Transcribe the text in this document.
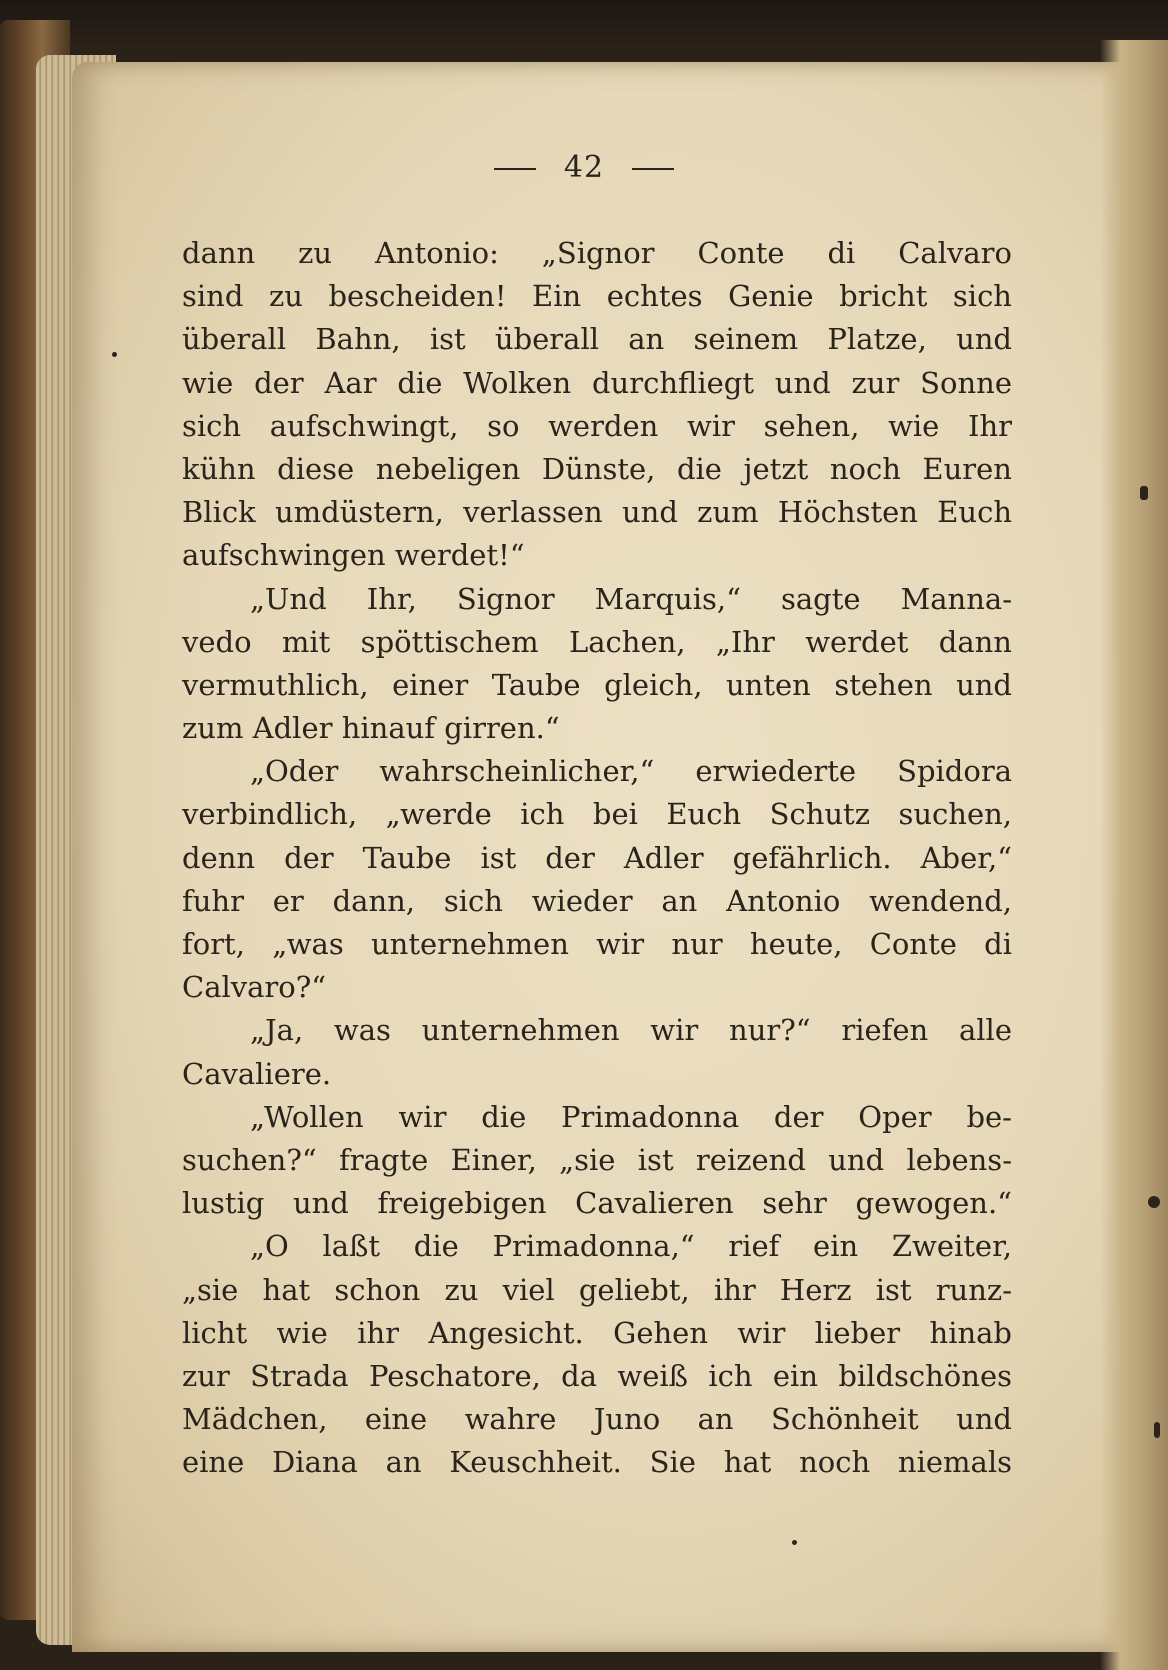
42
dann zu Antonio: „Signor Conte di Calvaro
sind zu bescheiden! Ein echtes Genie bricht sich
überall Bahn, ist überall an seinem Platze, und
wie der Aar die Wolken durchfliegt und zur Sonne
sich aufschwingt, so werden wir sehen, wie Ihr
kühn diese nebeligen Dünste, die jetzt noch Euren
Blick umdüstern, verlassen und zum Höchsten Euch
aufschwingen werdet!“
„Und Ihr, Signor Marquis,“ sagte Manna-
vedo mit spöttischem Lachen, „Ihr werdet dann
vermuthlich, einer Taube gleich, unten stehen und
zum Adler hinauf girren.“
„Oder wahrscheinlicher,“ erwiederte Spidora
verbindlich, „werde ich bei Euch Schutz suchen,
denn der Taube ist der Adler gefährlich. Aber,“
fuhr er dann, sich wieder an Antonio wendend,
fort, „was unternehmen wir nur heute, Conte di
Calvaro?“
„Ja, was unternehmen wir nur?“ riefen alle
Cavaliere.
„Wollen wir die Primadonna der Oper be-
suchen?“ fragte Einer, „sie ist reizend und lebens-
lustig und freigebigen Cavalieren sehr gewogen.“
„O laßt die Primadonna,“ rief ein Zweiter,
„sie hat schon zu viel geliebt, ihr Herz ist runz-
licht wie ihr Angesicht. Gehen wir lieber hinab
zur Strada Peschatore, da weiß ich ein bildschönes
Mädchen, eine wahre Juno an Schönheit und
eine Diana an Keuschheit. Sie hat noch niemals
